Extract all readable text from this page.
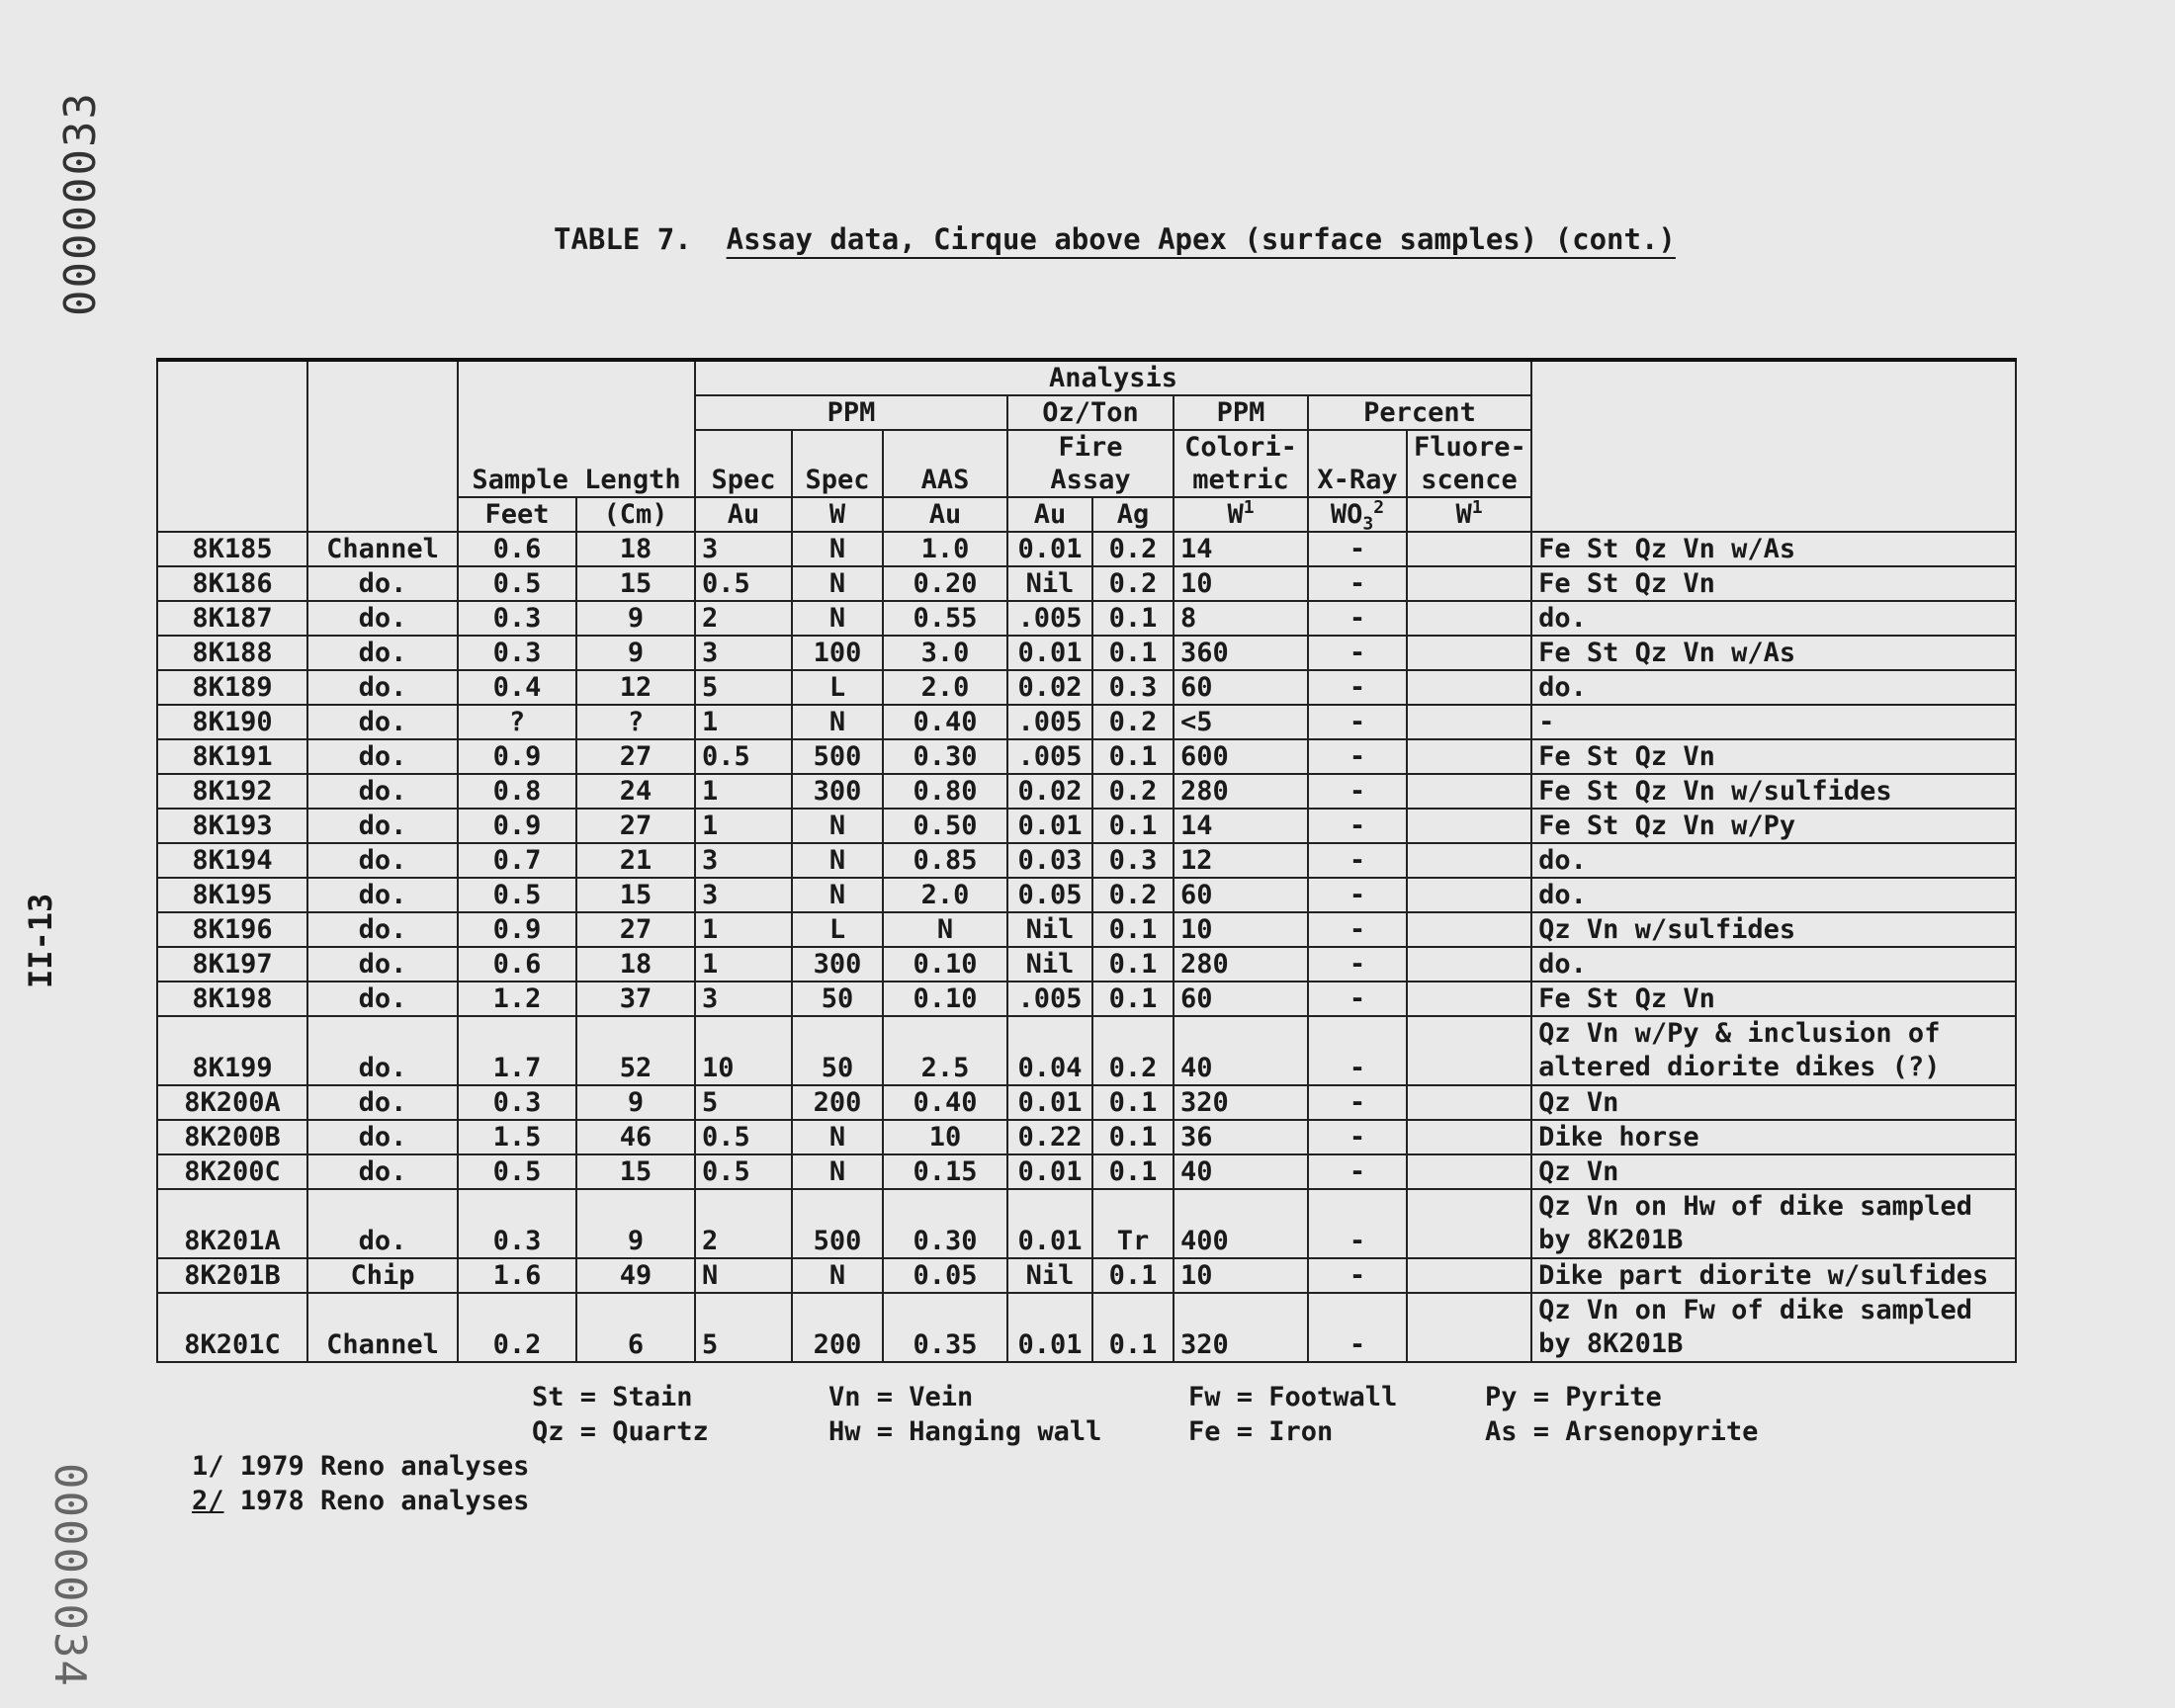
00000033
II-13
00000034
TABLE 7. Assay data, Cirque above Apex (surface samples) (cont.)
		Sample Length		Analysis								
				PPM			Oz/Ton		PPM	Percent		
				Spec	Spec	AAS	Fire Assay		Colori-metric	X-Ray	Fluore-scence	
		Feet	(Cm)	Au	W	Au	Au	Ag	$W^1$	$WO_3^2$	$W^1$
8K185	Channel	0.6	18	3	N	1.0	0.01	0.2	14	-		Fe St Qz Vn w/As
8K186	do.	0.5	15	0.5	N	0.20	Nil	0.2	10	-		Fe St Qz Vn
8K187	do.	0.3	9	2	N	0.55	.005	0.1	8	-		do.
8K188	do.	0.3	9	3	100	3.0	0.01	0.1	360	-		Fe St Qz Vn w/As
8K189	do.	0.4	12	5	L	2.0	0.02	0.3	60	-		do.
8K190	do.	?	?	1	N	0.40	.005	0.2	<5	-		-
8K191	do.	0.9	27	0.5	500	0.30	.005	0.1	600	-		Fe St Qz Vn
8K192	do.	0.8	24	1	300	0.80	0.02	0.2	280	-		Fe St Qz Vn w/sulfides
8K193	do.	0.9	27	1	N	0.50	0.01	0.1	14	-		Fe St Qz Vn w/Py
8K194	do.	0.7	21	3	N	0.85	0.03	0.3	12	-		do.
8K195	do.	0.5	15	3	N	2.0	0.05	0.2	60	-		do.
8K196	do.	0.9	27	1	L	N	Nil	0.1	10	-		Qz Vn w/sulfides
8K197	do.	0.6	18	1	300	0.10	Nil	0.1	280	-		do.
8K198	do.	1.2	37	3	50	0.10	.005	0.1	60	-		Fe St Qz Vn
8K199	do.	1.7	52	10	50	2.5	0.04	0.2	40	-		Qz Vn w/Py & inclusion of altered diorite dikes (?)
8K200A	do.	0.3	9	5	200	0.40	0.01	0.1	320	-		Qz Vn
8K200B	do.	1.5	46	0.5	N	10	0.22	0.1	36	-		Dike horse
8K200C	do.	0.5	15	0.5	N	0.15	0.01	0.1	40	-		Qz Vn
8K201A	do.	0.3	9	2	500	0.30	0.01	Tr	400	-		Qz Vn on Hw of dike sampled by 8K201B
8K201B	Chip	1.6	49	N	N	0.05	Nil	0.1	10	-		Dike part diorite w/sulfides
8K201C	Channel	0.2	6	5	200	0.35	0.01	0.1	320	-		Qz Vn on Fw of dike sampled by 8K201B
St = Stain
Qz = Quartz
Vn = Vein
Hw = Hanging wall
Fw = Footwall
Fe = Iron
Py = Pyrite
As = Arsenopyrite
1/ 1979 Reno analyses
2/ 1978 Reno analyses
